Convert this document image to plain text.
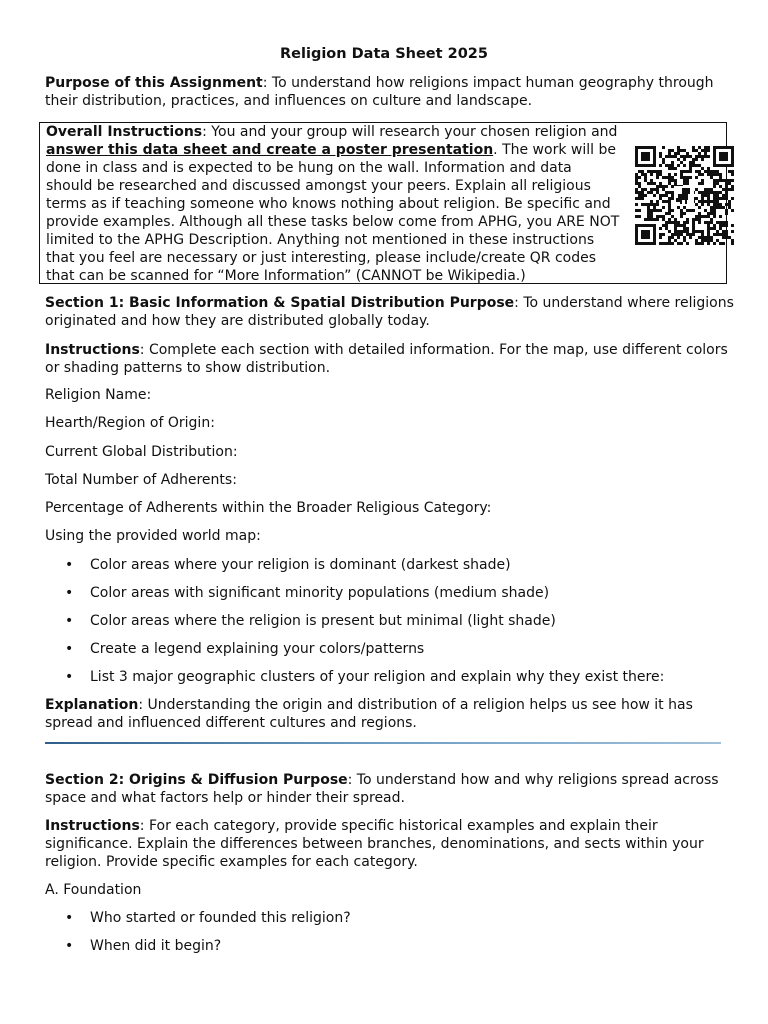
Religion Data Sheet 2025

Purpose of this Assignment: To understand how religions impact human geography through their distribution, practices, and influences on culture and landscape.

Overall Instructions: You and your group will research your chosen religion and answer this data sheet and create a poster presentation. The work will be done in class and is expected to be hung on the wall. Information and data should be researched and discussed amongst your peers. Explain all religious terms as if teaching someone who knows nothing about religion. Be specific and provide examples. Although all these tasks below come from APHG, you ARE NOT limited to the APHG Description. Anything not mentioned in these instructions that you feel are necessary or just interesting, please include/create QR codes that can be scanned for “More Information” (CANNOT be Wikipedia.)

Section 1: Basic Information & Spatial Distribution Purpose: To understand where religions originated and how they are distributed globally today.

Instructions: Complete each section with detailed information. For the map, use different colors or shading patterns to show distribution.

Religion Name:

Hearth/Region of Origin:

Current Global Distribution:

Total Number of Adherents:

Percentage of Adherents within the Broader Religious Category:

Using the provided world map:

• Color areas where your religion is dominant (darkest shade)
• Color areas with significant minority populations (medium shade)
• Color areas where the religion is present but minimal (light shade)
• Create a legend explaining your colors/patterns
• List 3 major geographic clusters of your religion and explain why they exist there:

Explanation: Understanding the origin and distribution of a religion helps us see how it has spread and influenced different cultures and regions.

Section 2: Origins & Diffusion Purpose: To understand how and why religions spread across space and what factors help or hinder their spread.

Instructions: For each category, provide specific historical examples and explain their significance. Explain the differences between branches, denominations, and sects within your religion. Provide specific examples for each category.

A. Foundation

• Who started or founded this religion?
• When did it begin?
